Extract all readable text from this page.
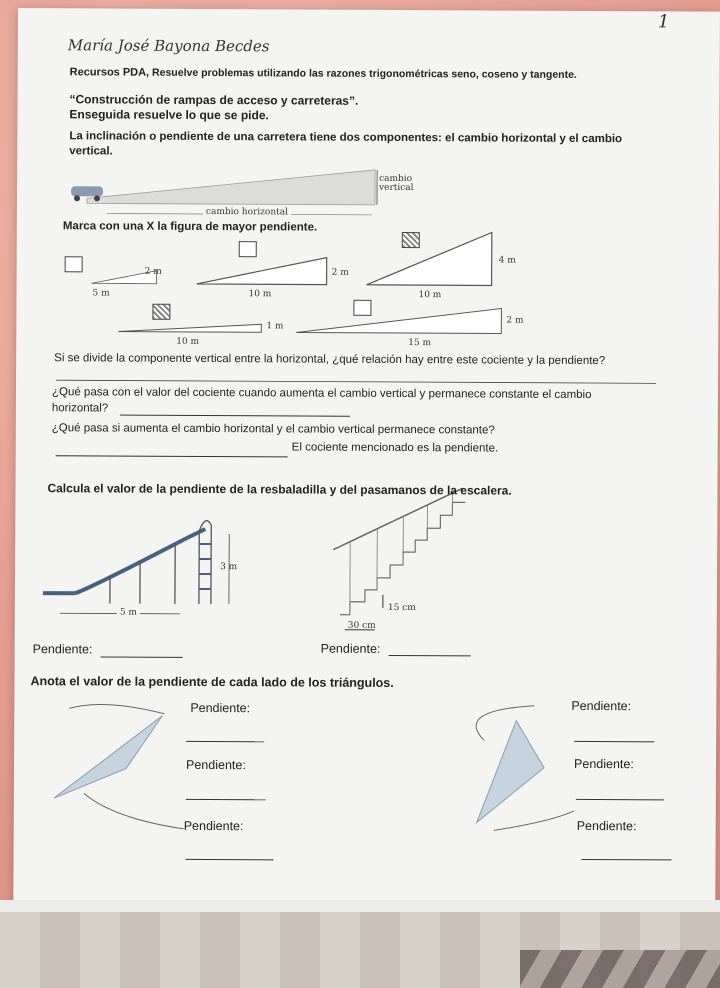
María José Bayona Becdes
1
Recursos PDA, Resuelve problemas utilizando las razones trigonométricas seno, coseno y tangente.
“Construcción de rampas de acceso y carreteras”.
Enseguida resuelve lo que se pide.
La inclinación o pendiente de una carretera tiene dos componentes: el cambio horizontal y el cambio
vertical.
cambio
vertical
cambio horizontal
Marca con una X la figura de mayor pendiente.
2 m
5 m
2 m
10 m
4 m
10 m
1 m
10 m
2 m
15 m
Si se divide la componente vertical entre la horizontal, ¿qué relación hay entre este cociente y la pendiente?
¿Qué pasa con el valor del cociente cuando aumenta el cambio vertical y permanece constante el cambio
horizontal?
¿Qué pasa si aumenta el cambio horizontal y el cambio vertical permanece constante?
El cociente mencionado es la pendiente.
Calcula el valor de la pendiente de la resbaladilla y del pasamanos de la escalera.
3 m
5 m	15 cm
30 cm
Pendiente:	Pendiente:
Anota el valor de la pendiente de cada lado de los triángulos.
Pendiente:
Pendiente:
Pendiente:
Pendiente:
Pendiente:
Pendiente:
